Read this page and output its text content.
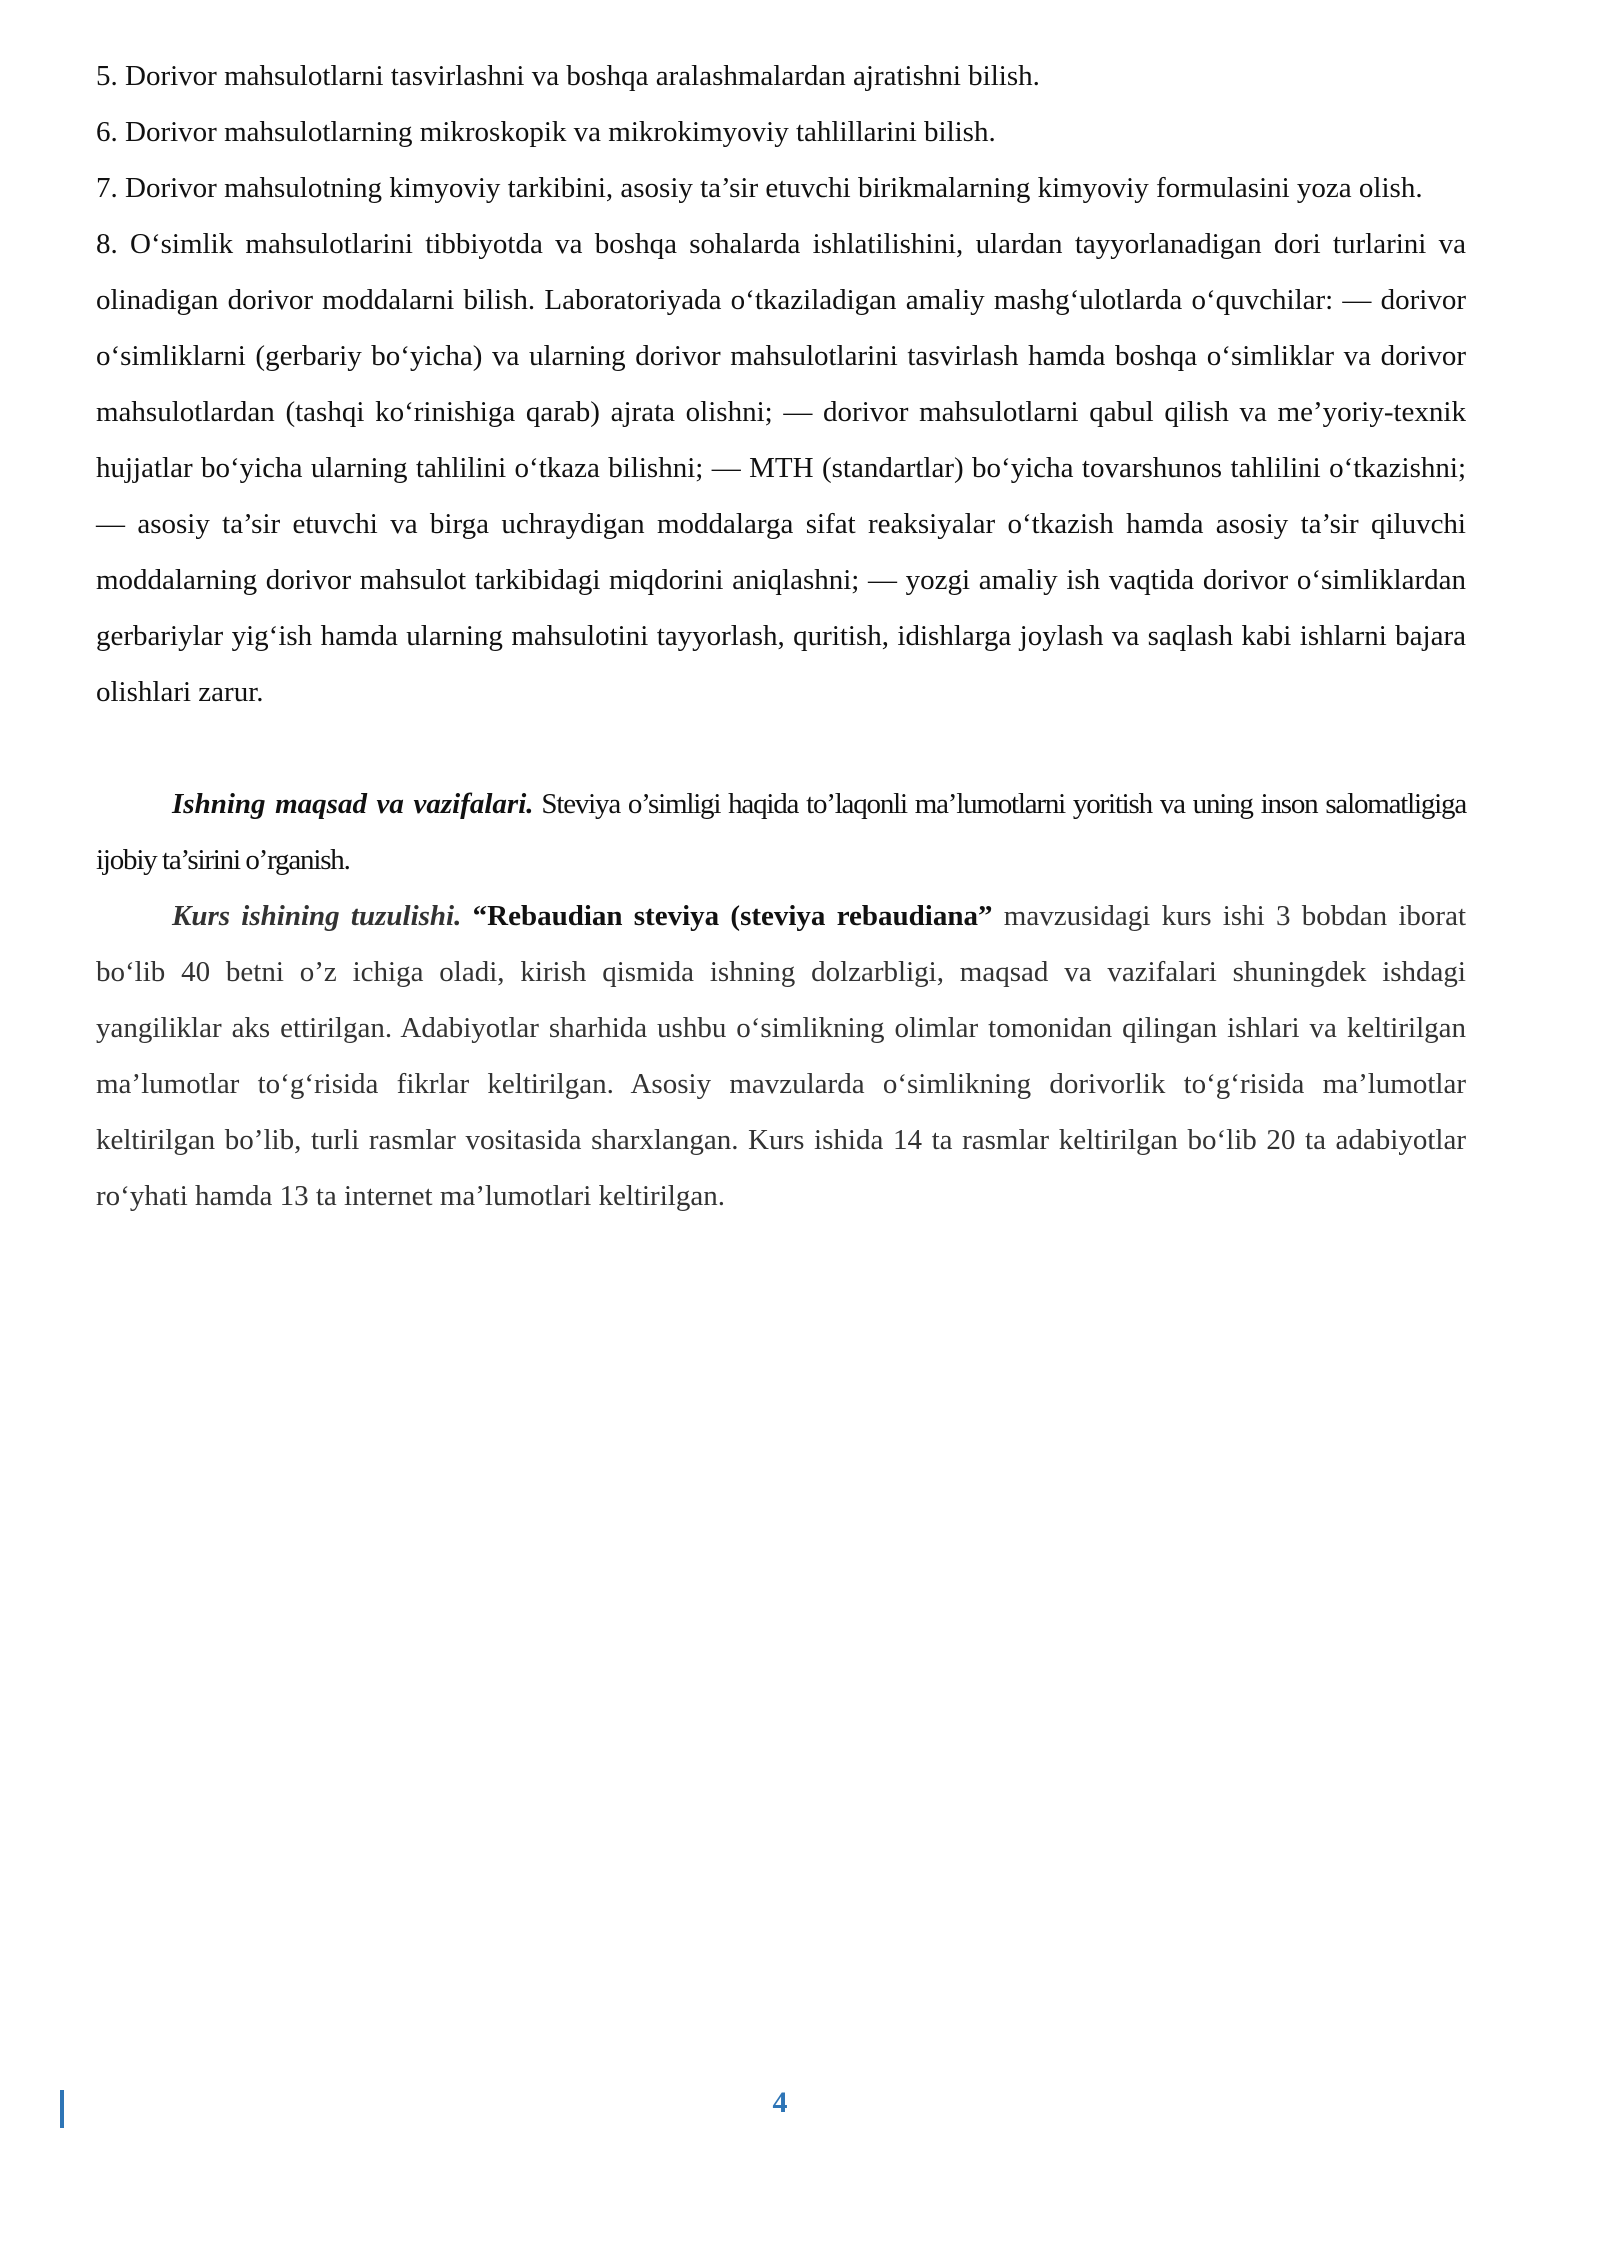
5. Dorivor mahsulotlarni tasvirlashni va boshqa aralashmalardan ajratishni bilish.

6. Dorivor mahsulotlarning mikroskopik va mikrokimyoviy tahlillarini bilish.

7. Dorivor mahsulotning kimyoviy tarkibini, asosiy ta’sir etuvchi birikmalarning kimyoviy formulasini yoza olish.

8. O‘simlik mahsulotlarini tibbiyotda va boshqa sohalarda ishlatilishini, ulardan tayyorlanadigan dori turlarini va olinadigan dorivor moddalarni bilish. Laboratoriyada o‘tkaziladigan amaliy mashg‘ulotlarda o‘quvchilar: — dorivor o‘simliklarni (gerbariy bo‘yicha) va ularning dorivor mahsulotlarini tasvirlash hamda boshqa o‘simliklar va dorivor mahsulotlardan (tashqi ko‘rinishiga qarab) ajrata olishni; — dorivor mahsulotlarni qabul qilish va me’yoriy-texnik hujjatlar bo‘yicha ularning tahlilini o‘tkaza bilishni; — MTH (standartlar) bo‘yicha tovarshunos tahlilini o‘tkazishni; — asosiy ta’sir etuvchi va birga uchraydigan moddalarga sifat reaksiyalar o‘tkazish hamda asosiy ta’sir qiluvchi moddalarning dorivor mahsulot tarkibidagi miqdorini aniqlashni; — yozgi amaliy ish vaqtida dorivor o‘simliklardan gerbariylar yig‘ish hamda ularning mahsulotini tayyorlash, quritish, idishlarga joylash va saqlash kabi ishlarni bajara olishlari zarur.

Ishning maqsad va vazifalari. Steviya o’simligi haqida to’laqonli ma’lumotlarni yoritish va uning inson salomatligiga ijobiy ta’sirini o’rganish.

Kurs ishining tuzulishi. “Rebaudian steviya (steviya rebaudiana” mavzusidagi kurs ishi 3 bobdan iborat bo‘lib 40 betni o’z ichiga oladi, kirish qismida ishning dolzarbligi, maqsad va vazifalari shuningdek ishdagi yangiliklar aks ettirilgan. Adabiyotlar sharhida ushbu o‘simlikning olimlar tomonidan qilingan ishlari va keltirilgan ma’lumotlar to‘g‘risida fikrlar keltirilgan. Asosiy mavzularda o‘simlikning dorivorlik to‘g‘risida ma’lumotlar keltirilgan bo’lib, turli rasmlar vositasida sharxlangan. Kurs ishida 14 ta rasmlar keltirilgan bo‘lib 20 ta adabiyotlar ro‘yhati hamda 13 ta internet ma’lumotlari keltirilgan.

4
